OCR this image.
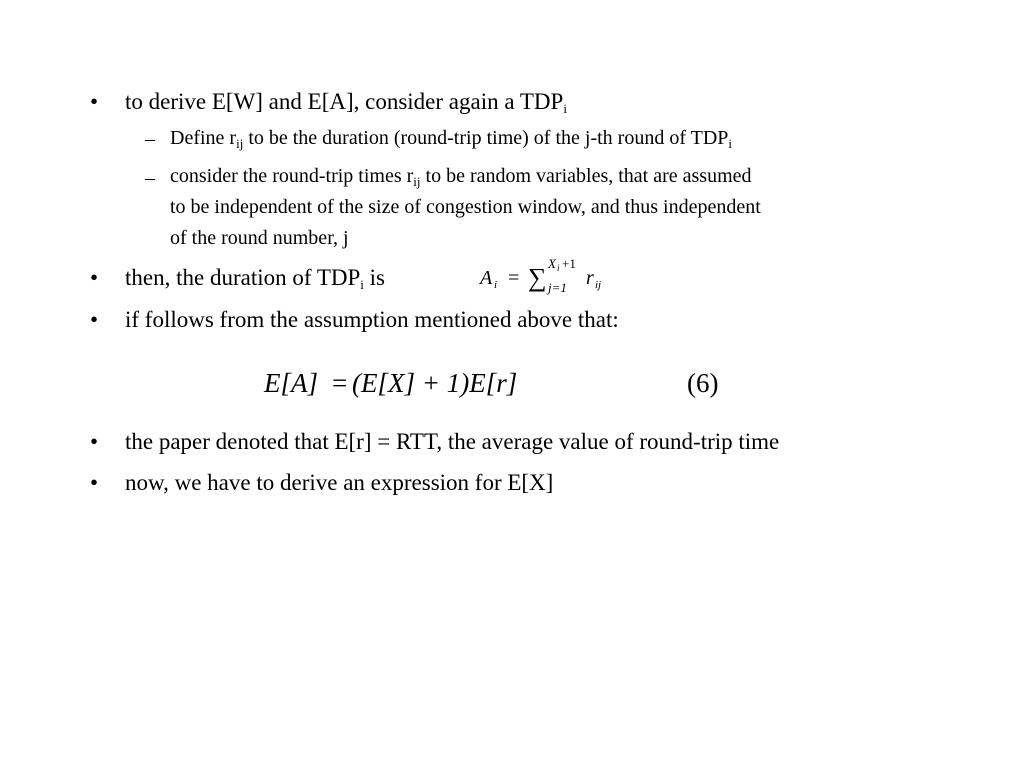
• to derive E[W] and E[A], consider again a $TDP_i$
– Define $r_{ij}$ to be the duration (round-trip time) of the j-th round of $TDP_i$
– consider the round-trip times $r_{ij}$ to be random variables, that are assumed
to be independent of the size of congestion window, and thus independent
of the round number, j
• then, the duration of $TDP_i$ is	A i = ∑ X i +1
j=1 r ij
• if follows from the assumption mentioned above that:
E[A] = (E[X] + 1)E[r]	(6)
• the paper denoted that E[r] = RTT, the average value of round-trip time
• now, we have to derive an expression for E[X]
